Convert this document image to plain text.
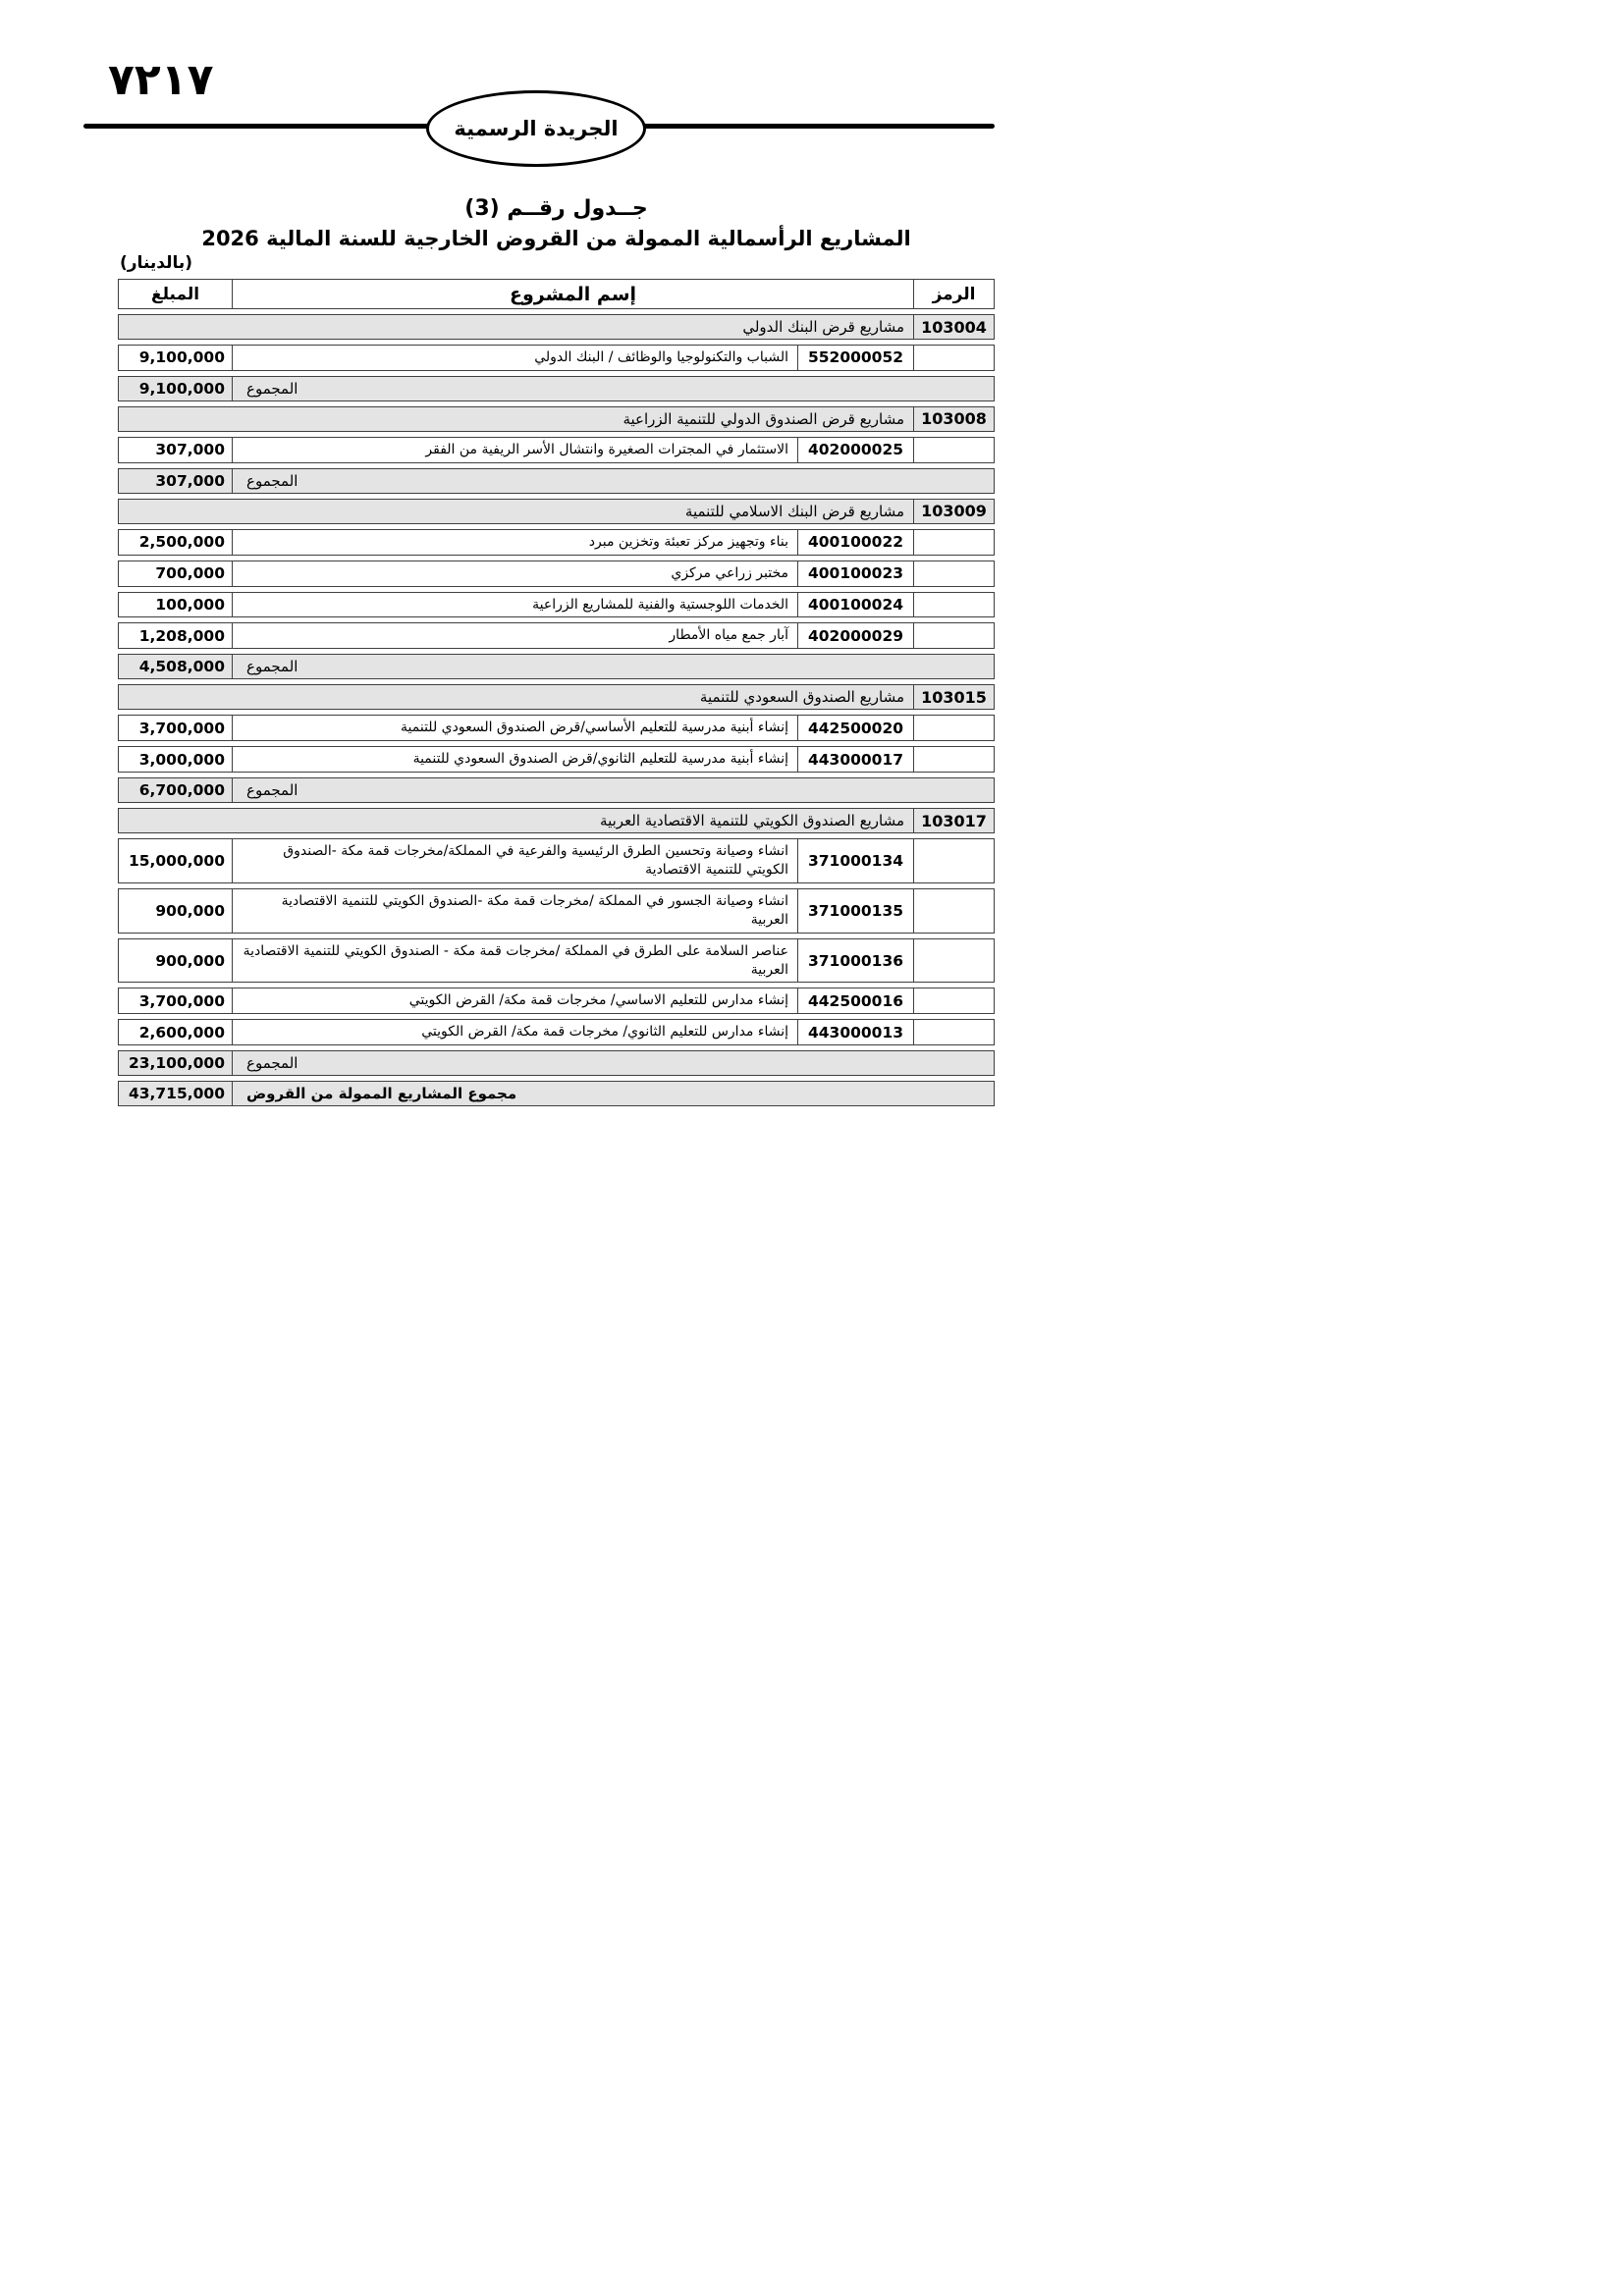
٧٢١٧
الجريدة الرسمية
جــدول رقــم (3)
المشاريع الرأسمالية الممولة من القروض الخارجية للسنة المالية 2026
(بالدينار)
الرمز
إسم المشروع
المبلغ
103004
مشاريع قرض البنك الدولي
552000052
الشباب والتكنولوجيا والوظائف / البنك الدولي
9,100,000
المجموع
9,100,000
103008
مشاريع قرض الصندوق الدولي للتنمية الزراعية
402000025
الاستثمار في المجترات الصغيرة وانتشال الأسر الريفية من الفقر
307,000
المجموع
307,000
103009
مشاريع قرض البنك الاسلامي للتنمية
400100022
بناء وتجهيز مركز تعبئة وتخزين مبرد
2,500,000
400100023
مختبر زراعي مركزي
700,000
400100024
الخدمات اللوجستية والفنية للمشاريع الزراعية
100,000
402000029
آبار جمع مياه الأمطار
1,208,000
المجموع
4,508,000
103015
مشاريع الصندوق السعودي للتنمية
442500020
إنشاء أبنية مدرسية للتعليم الأساسي/قرض الصندوق السعودي للتنمية
3,700,000
443000017
إنشاء أبنية مدرسية للتعليم الثانوي/قرض الصندوق السعودي للتنمية
3,000,000
المجموع
6,700,000
103017
مشاريع الصندوق الكويتي للتنمية الاقتصادية العربية
371000134
انشاء وصيانة وتحسين الطرق الرئيسية والفرعية في المملكة/مخرجات قمة مكة -الصندوق الكويتي للتنمية الاقتصادية
15,000,000
371000135
انشاء وصيانة الجسور في المملكة /مخرجات قمة مكة -الصندوق الكويتي للتنمية الاقتصادية العربية
900,000
371000136
عناصر السلامة على الطرق في المملكة /مخرجات قمة مكة - الصندوق الكويتي للتنمية الاقتصادية العربية
900,000
442500016
إنشاء مدارس للتعليم الاساسي/ مخرجات قمة مكة/ القرض الكويتي
3,700,000
443000013
إنشاء مدارس للتعليم الثانوي/ مخرجات قمة مكة/ القرض الكويتي
2,600,000
المجموع
23,100,000
مجموع المشاريع الممولة من القروض
43,715,000
